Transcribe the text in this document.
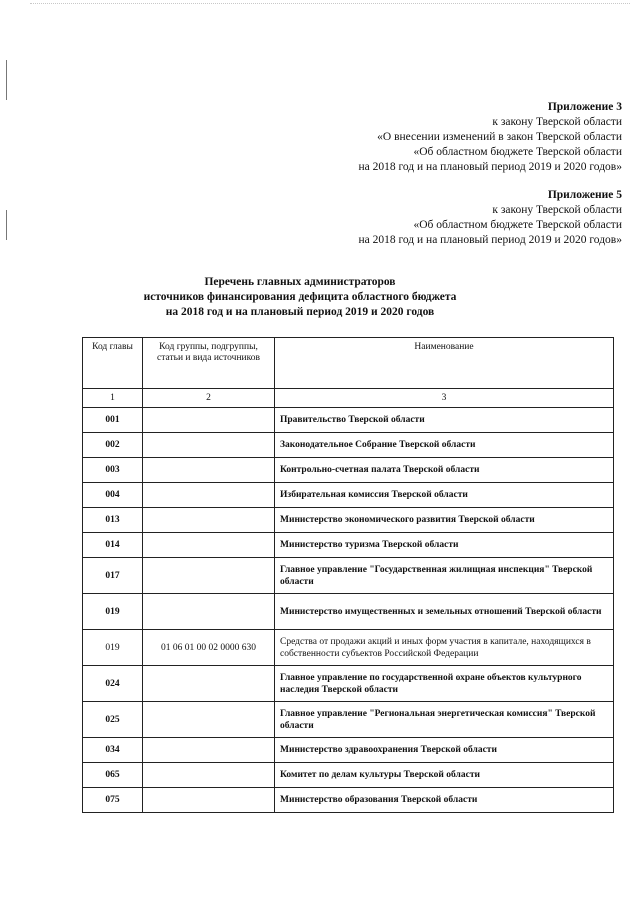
Приложение 3
к закону Тверской области
«О внесении изменений в закон Тверской области
«Об областном бюджете Тверской области
на 2018 год и на плановый период 2019 и 2020 годов»
Приложение 5
к закону Тверской области
«Об областном бюджете Тверской области
на 2018 год и на плановый период 2019 и 2020 годов»
Перечень главных администраторов
источников финансирования дефицита областного бюджета
на 2018 год и на плановый период 2019 и 2020 годов
Код главы	Код группы, подгруппы, статьи и вида источников	Наименование
1	2	3
001		Правительство Тверской области
002		Законодательное Собрание Тверской области
003		Контрольно-счетная палата Тверской области
004		Избирательная комиссия Тверской области
013		Министерство экономического развития Тверской области
014		Министерство туризма Тверской области
017		Главное управление "Государственная жилищная инспекция" Тверской области
019		Министерство имущественных и земельных отношений Тверской области
019	01 06 01 00 02 0000 630	Средства от продажи акций и иных форм участия в капитале, находящихся в собственности субъектов Российской Федерации
024		Главное управление по государственной охране объектов культурного наследия Тверской области
025		Главное управление "Региональная энергетическая комиссия" Тверской области
034		Министерство здравоохранения Тверской области
065		Комитет по делам культуры Тверской области
075		Министерство образования Тверской области
